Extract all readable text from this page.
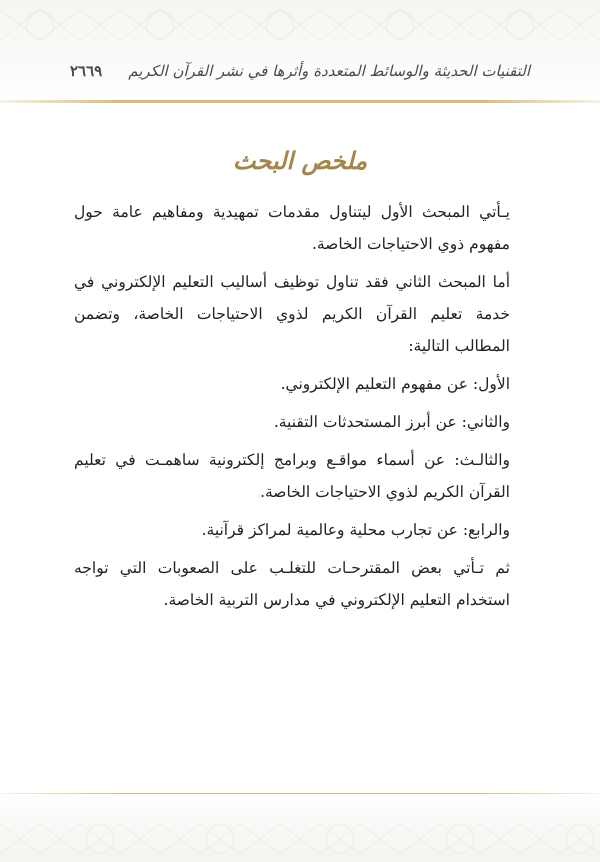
التقنيات الحديثة والوسائط المتعددة وأثرها في نشر القرآن الكريم
٢٦٦٩
ملخص البحث

يـأتي المبحث الأول ليتناول مقدمات تمهيدية ومفاهيم عامة حول مفهوم ذوي الاحتياجات الخاصة.

أما المبحث الثاني فقد تناول توظيف أساليب التعليم الإلكتروني في خدمة تعليم القرآن الكريم لذوي الاحتياجات الخاصة، وتضمن المطالب التالية:

الأول: عن مفهوم التعليم الإلكتروني.

والثاني: عن أبرز المستحدثات التقنية.

والثالـث: عن أسماء مواقـع وبرامج إلكترونية ساهمـت في تعليم القرآن الكريم لذوي الاحتياجات الخاصة.

والرابع: عن تجارب محلية وعالمية لمراكز قرآنية.

ثم تـأتي بعض المقترحـات للتغلـب على الصعوبات التي تواجه استخدام التعليم الإلكتروني في مدارس التربية الخاصة.
